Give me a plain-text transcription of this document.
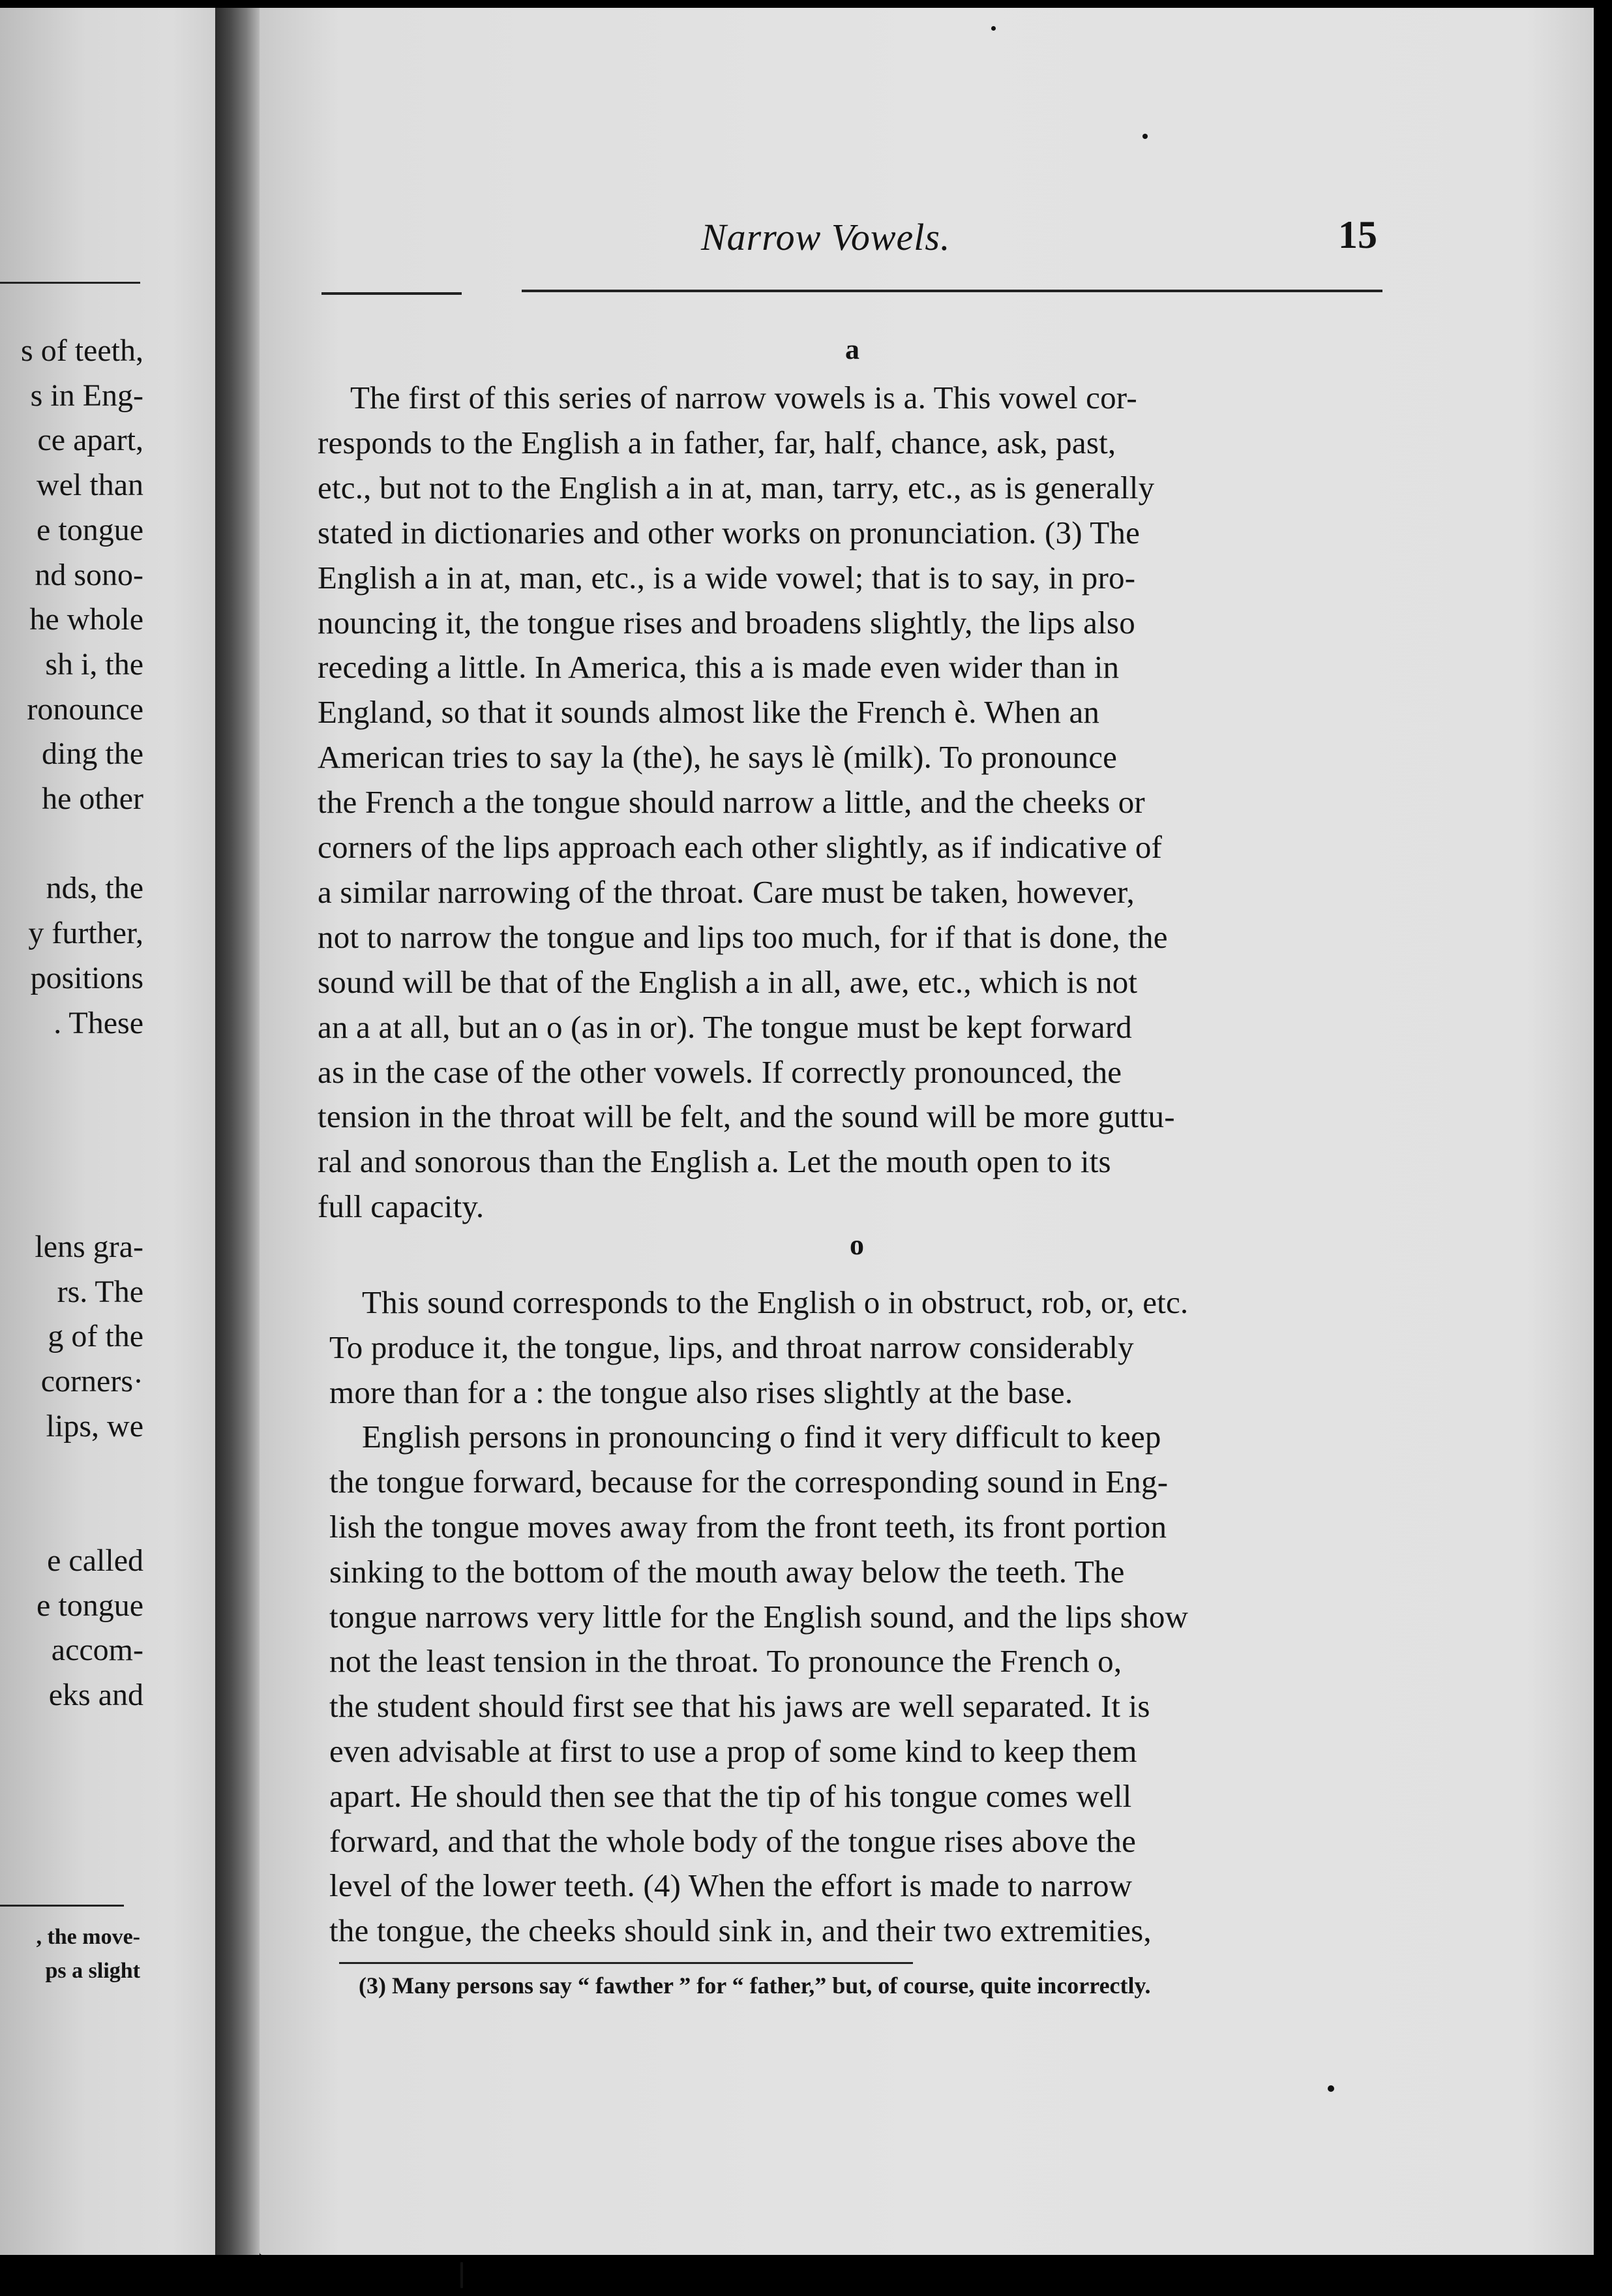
s of teeth,
s in Eng-
ce apart,
wel than
e tongue
nd sono-
he whole
sh i, the
ronounce
ding the
he other
nds, the
y further,
positions
. These
lens gra-
rs. The
g of the
corners·
lips, we
e called
e tongue
accom-
eks and
, the move-
ps a slight
Narrow Vowels.	15
a
The first of this series of narrow vowels is a. This vowel cor-
responds to the English a in father, far, half, chance, ask, past,
etc., but not to the English a in at, man, tarry, etc., as is generally
stated in dictionaries and other works on pronunciation. (3) The
English a in at, man, etc., is a wide vowel; that is to say, in pro-
nouncing it, the tongue rises and broadens slightly, the lips also
receding a little. In America, this a is made even wider than in
England, so that it sounds almost like the French è. When an
American tries to say la (the), he says lè (milk). To pronounce
the French a the tongue should narrow a little, and the cheeks or
corners of the lips approach each other slightly, as if indicative of
a similar narrowing of the throat. Care must be taken, however,
not to narrow the tongue and lips too much, for if that is done, the
sound will be that of the English a in all, awe, etc., which is not
an a at all, but an o (as in or). The tongue must be kept forward
as in the case of the other vowels. If correctly pronounced, the
tension in the throat will be felt, and the sound will be more guttu-
ral and sonorous than the English a. Let the mouth open to its
full capacity.
o
This sound corresponds to the English o in obstruct, rob, or, etc.
To produce it, the tongue, lips, and throat narrow considerably
more than for a : the tongue also rises slightly at the base.
English persons in pronouncing o find it very difficult to keep
the tongue forward, because for the corresponding sound in Eng-
lish the tongue moves away from the front teeth, its front portion
sinking to the bottom of the mouth away below the teeth. The
tongue narrows very little for the English sound, and the lips show
not the least tension in the throat. To pronounce the French o,
the student should first see that his jaws are well separated. It is
even advisable at first to use a prop of some kind to keep them
apart. He should then see that the tip of his tongue comes well
forward, and that the whole body of the tongue rises above the
level of the lower teeth. (4) When the effort is made to narrow
the tongue, the cheeks should sink in, and their two extremities,
(3) Many persons say “ fawther ” for “ father,” but, of course, quite incorrectly.
